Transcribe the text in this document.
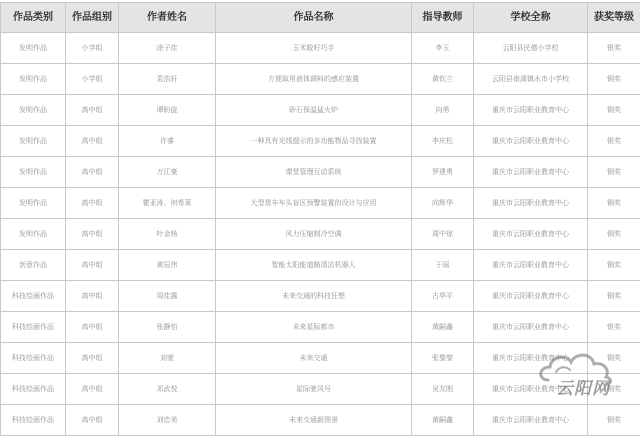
作品类别	作品组别	作者姓名	作品名称	指导教师	学校全称	获奖等级
发明作品	小学组	涂子佳	玉米脱籽巧手	李玉	云阳县民德小学校	银奖
发明作品	小学组	袁浩轩	方便取用液体调料的感应装置	黄钦兰	云阳县南溪镇水市小学校	铜奖
发明作品	高中组	谭盼旋	砂石保温猛火炉	向勇	重庆市云阳职业教育中心	铜奖
发明作品	高中组	许睿	一种具有光线提示的多功能物品寻找装置	李庆松	重庆市云阳职业教育中心	银奖
发明作品	高中组	万江豪	课堂管理互动系统	罗建勇	重庆市云阳职业教育中心	铜奖
发明作品	高中组	瞿亚涛、何希莱	大型货车车头盲区预警装置的设计与应用	向辉华	重庆市云阳职业教育中心	铜奖
发明作品	高中组	叶金杨	风力压缩制冷空调	周中琼	重庆市云阳职业教育中心	铜奖
创意作品	高中组	黄辰伟	智能太阳能道路清洁机器人	于瑶	重庆市云阳职业教育中心	铜奖
科技绘画作品	高中组	周佳露	未来交通的科技狂想	古华平	重庆市云阳职业教育中心	铜奖
科技绘画作品	高中组	张静怡	未来星际都市	黄嗣鑫	重庆市云阳职业教育中心	银奖
科技绘画作品	高中组	刘萱	未来交通	张黎黎	重庆市云阳职业教育中心	铜奖
科技绘画作品	高中组	邓武悦	星际驰风号	吴友刚	重庆市云阳职业教育中心	铜奖
科技绘画作品	高中组	刘忠美	未来交通新图景	黄嗣鑫	重庆市云阳职业教育中心	铜奖
云阳网
